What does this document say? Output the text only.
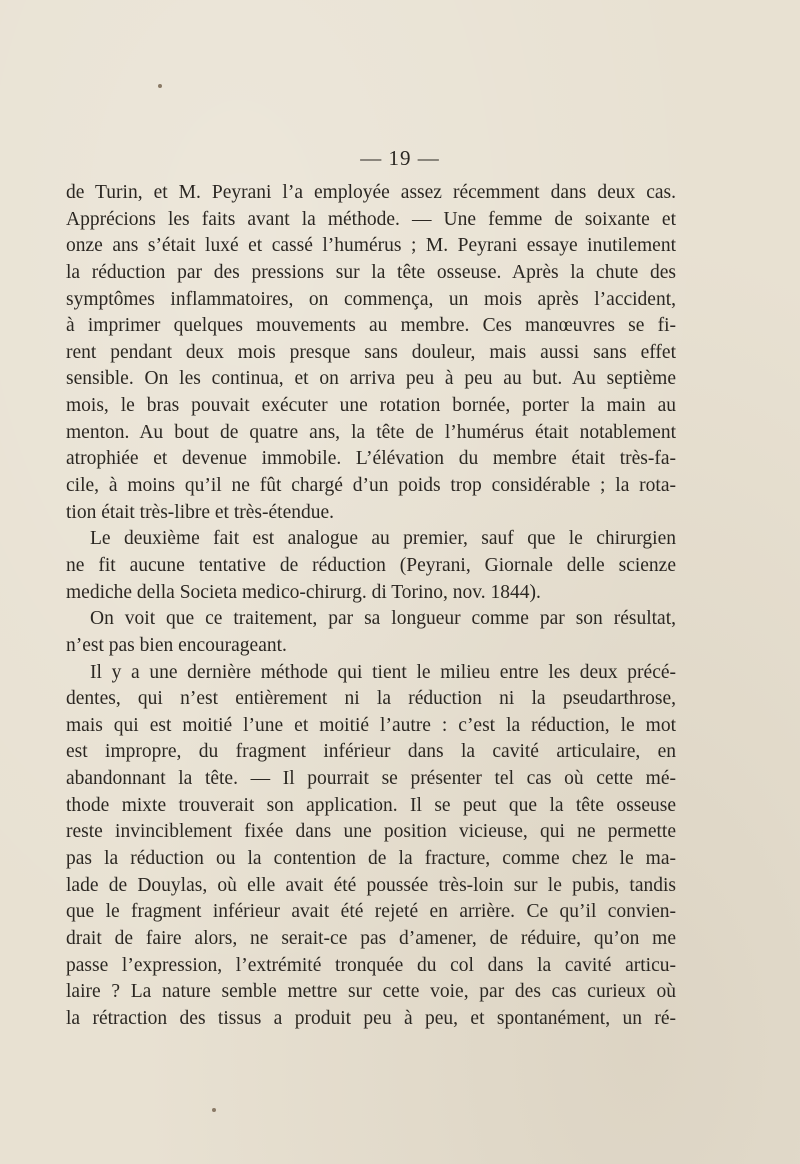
— 19 —
de Turin, et M. Peyrani l’a employée assez récemment dans deux cas.
Apprécions les faits avant la méthode. — Une femme de soixante et
onze ans s’était luxé et cassé l’humérus ; M. Peyrani essaye inutilement
la réduction par des pressions sur la tête osseuse. Après la chute des
symptômes inflammatoires, on commença, un mois après l’accident,
à imprimer quelques mouvements au membre. Ces manœuvres se fi-
rent pendant deux mois presque sans douleur, mais aussi sans effet
sensible. On les continua, et on arriva peu à peu au but. Au septième
mois, le bras pouvait exécuter une rotation bornée, porter la main au
menton. Au bout de quatre ans, la tête de l’humérus était notablement
atrophiée et devenue immobile. L’élévation du membre était très-fa-
cile, à moins qu’il ne fût chargé d’un poids trop considérable ; la rota-
tion était très-libre et très-étendue.
Le deuxième fait est analogue au premier, sauf que le chirurgien
ne fit aucune tentative de réduction (Peyrani, Giornale delle scienze
mediche della Societa medico-chirurg. di Torino, nov. 1844).
On voit que ce traitement, par sa longueur comme par son résultat,
n’est pas bien encourageant.
Il y a une dernière méthode qui tient le milieu entre les deux précé-
dentes, qui n’est entièrement ni la réduction ni la pseudarthrose,
mais qui est moitié l’une et moitié l’autre : c’est la réduction, le mot
est impropre, du fragment inférieur dans la cavité articulaire, en
abandonnant la tête. — Il pourrait se présenter tel cas où cette mé-
thode mixte trouverait son application. Il se peut que la tête osseuse
reste invinciblement fixée dans une position vicieuse, qui ne permette
pas la réduction ou la contention de la fracture, comme chez le ma-
lade de Douylas, où elle avait été poussée très-loin sur le pubis, tandis
que le fragment inférieur avait été rejeté en arrière. Ce qu’il convien-
drait de faire alors, ne serait-ce pas d’amener, de réduire, qu’on me
passe l’expression, l’extrémité tronquée du col dans la cavité articu-
laire ? La nature semble mettre sur cette voie, par des cas curieux où
la rétraction des tissus a produit peu à peu, et spontanément, un ré-
